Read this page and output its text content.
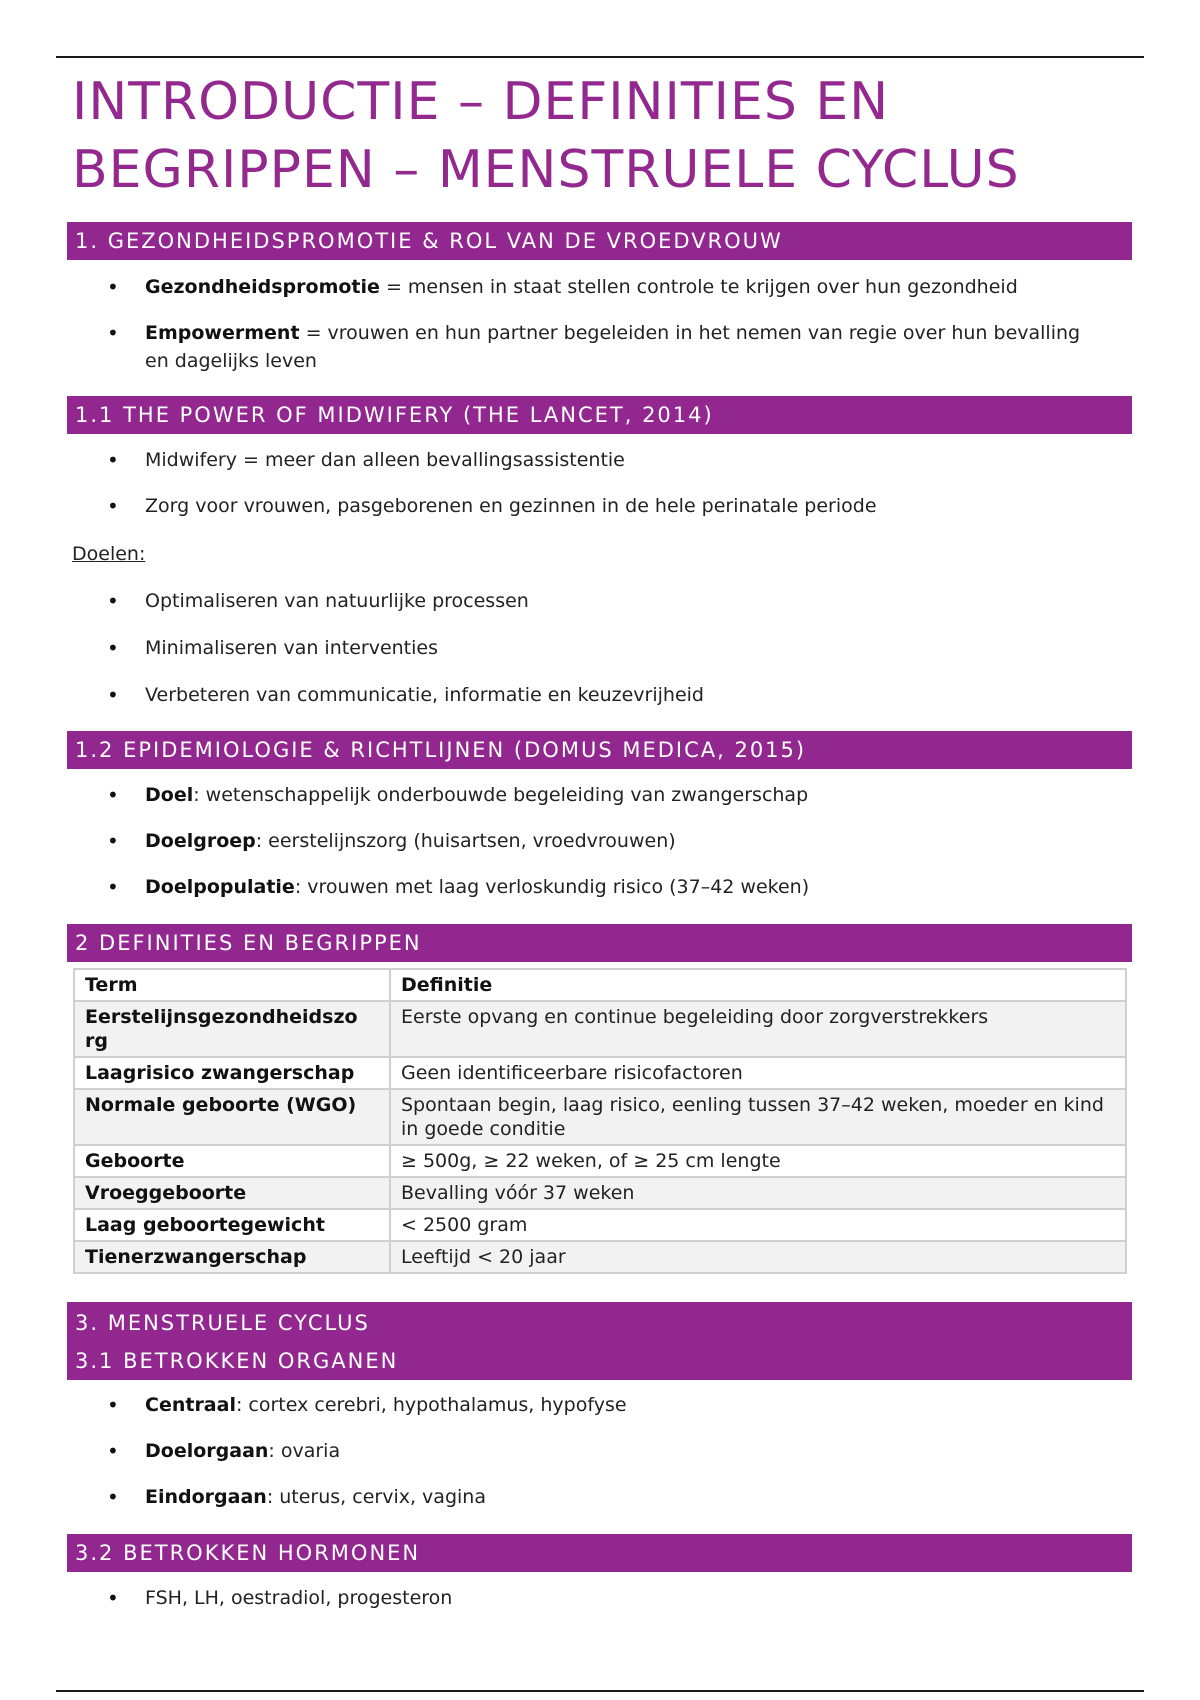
INTRODUCTIE – DEFINITIES EN
BEGRIPPEN – MENSTRUELE CYCLUS
1. GEZONDHEIDSPROMOTIE & ROL VAN DE VROEDVROUW
• Gezondheidspromotie = mensen in staat stellen controle te krijgen over hun gezondheid
• Empowerment = vrouwen en hun partner begeleiden in het nemen van regie over hun bevalling en dagelijks leven
1.1 THE POWER OF MIDWIFERY (THE LANCET, 2014)
• Midwifery = meer dan alleen bevallingsassistentie
• Zorg voor vrouwen, pasgeborenen en gezinnen in de hele perinatale periode

Doelen:

• Optimaliseren van natuurlijke processen
• Minimaliseren van interventies
• Verbeteren van communicatie, informatie en keuzevrijheid
1.2 EPIDEMIOLOGIE & RICHTLIJNEN (DOMUS MEDICA, 2015)
• Doel: wetenschappelijk onderbouwde begeleiding van zwangerschap
• Doelgroep: eerstelijnszorg (huisartsen, vroedvrouwen)
• Doelpopulatie: vrouwen met laag verloskundig risico (37–42 weken)
2 DEFINITIES EN BEGRIPPEN
Term	Definitie
Eerstelijnsgezondheidszo rg	Eerste opvang en continue begeleiding door zorgverstrekkers
Laagrisico zwangerschap	Geen identificeerbare risicofactoren
Normale geboorte (WGO)	Spontaan begin, laag risico, eenling tussen 37–42 weken, moeder en kind in goede conditie
Geboorte	≥ 500g, ≥ 22 weken, of ≥ 25 cm lengte
Vroeggeboorte	Bevalling vóór 37 weken
Laag geboortegewicht	< 2500 gram
Tienerzwangerschap	Leeftijd < 20 jaar
3. MENSTRUELE CYCLUS
3.1 BETROKKEN ORGANEN
• Centraal: cortex cerebri, hypothalamus, hypofyse
• Doelorgaan: ovaria
• Eindorgaan: uterus, cervix, vagina
3.2 BETROKKEN HORMONEN
• FSH, LH, oestradiol, progesteron
